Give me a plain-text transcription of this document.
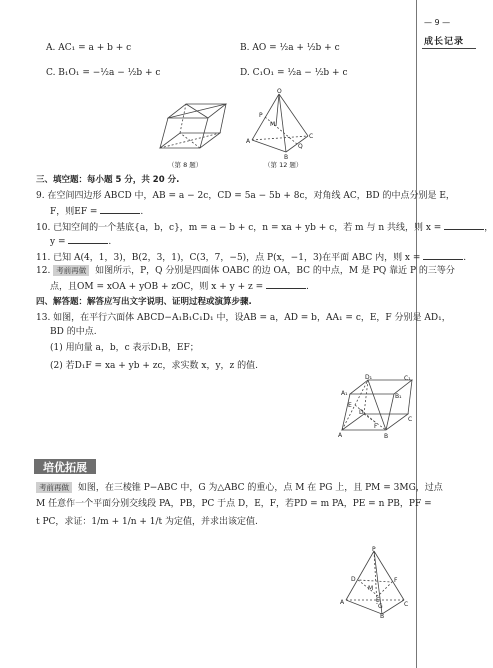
— 9 —
成长记录
A. AC₁ = a + b + c	B. AO = ½a + ½b + c
C. B₁O₁ = −½a − ½b + c	D. C₁O₁ = ½a − ½b + c
（第 8 题）
O
M
P
A
B
C
Q
（第 12 题）
三、填空题：每小题 5 分，共 20 分.
9. 在空间四边形 ABCD 中，AB = a − 2c，CD = 5a − 5b + 8c，对角线 AC，BD 的中点分别是 E，
F，则EF =	.
10. 已知空间的一个基底{a，b，c}，m = a − b + c，n = xa + yb + c，若 m 与 n 共线，则 x =	，
y =	.
11. 已知 A(4，1，3)，B(2，3，1)，C(3，7，−5)，点 P(x，−1，3)在平面 ABC 内，则 x =	.
12. 考前再做 如图所示，P，Q 分别是四面体 OABC 的边 OA，BC 的中点，M 是 PQ 靠近 P 的三等分
点，且OM = xOA + yOB + zOC，则 x + y + z =	.
四、解答题：解答应写出文字说明、证明过程或演算步骤.
13. 如图，在平行六面体 ABCD−A₁B₁C₁D₁ 中，设AB = a，AD = b，AA₁ = c，E，F 分别是 AD₁，
BD 的中点.
(1) 用向量 a，b，c 表示D₁B，EF；
(2) 若D₁F = xa + yb + zc，求实数 x，y，z 的值.
D₁	C₁
A₁	B₁
E
F
D
C
A	B
培优拓展
考前再做 如图，在三棱锥 P−ABC 中，G 为△ABC 的重心，点 M 在 PG 上，且 PM = 3MG，过点
M 任意作一个平面分别交线段 PA，PB，PC 于点 D，E，F，若PD = m PA，PE = n PB，PF =
t PC，求证：1/m + 1/n + 1/t 为定值，并求出该定值.
P
M
A
B
C
G
D
E
F
